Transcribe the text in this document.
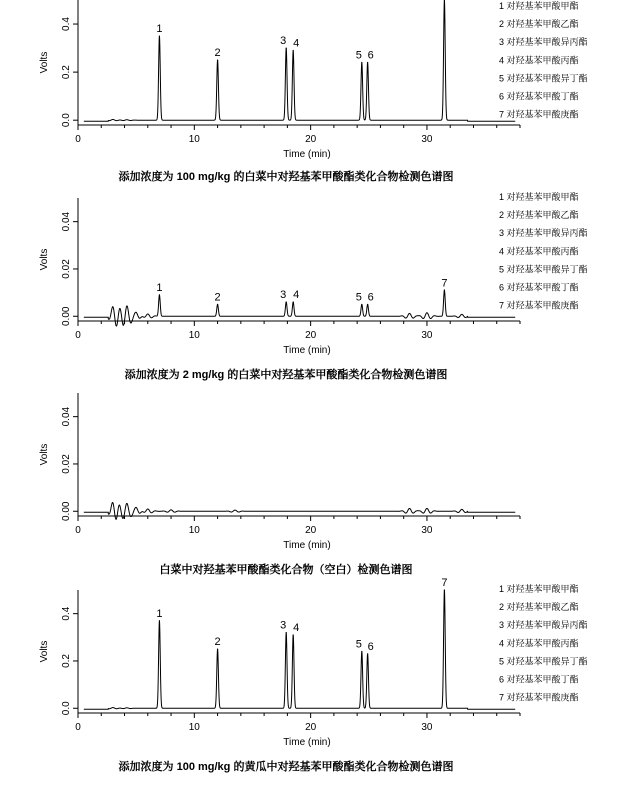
0	10	20	30
0.0
0.2
0.4
Volts
Time (min)
1
2
3 4
5 6
1 对羟基苯甲酸甲酯
2 对羟基苯甲酸乙酯
3 对羟基苯甲酸异丙酯
4 对羟基苯甲酸丙酯
5 对羟基苯甲酸异丁酯
6 对羟基苯甲酸丁酯
7 对羟基苯甲酸庚酯
添加浓度为 100 mg/kg 的白菜中对羟基苯甲酸酯类化合物检测色谱图
0	10	20	30
0.00
0.02
0.04
Volts
Time (min)
1
2	3 4	5 6
7
1 对羟基苯甲酸甲酯
2 对羟基苯甲酸乙酯
3 对羟基苯甲酸异丙酯
4 对羟基苯甲酸丙酯
5 对羟基苯甲酸异丁酯
6 对羟基苯甲酸丁酯
7 对羟基苯甲酸庚酯
添加浓度为 2 mg/kg 的白菜中对羟基苯甲酸酯类化合物检测色谱图
0	10	20	30
0.00
0.02
0.04
Volts
Time (min)
白菜中对羟基苯甲酸酯类化合物（空白）检测色谱图
0	10	20	30
0.0
0.2
0.4
Volts
Time (min)
1
2
3 4
5 6
7	1 对羟基苯甲酸甲酯
2 对羟基苯甲酸乙酯
3 对羟基苯甲酸异丙酯
4 对羟基苯甲酸丙酯
5 对羟基苯甲酸异丁酯
6 对羟基苯甲酸丁酯
7 对羟基苯甲酸庚酯
添加浓度为 100 mg/kg 的黄瓜中对羟基苯甲酸酯类化合物检测色谱图
